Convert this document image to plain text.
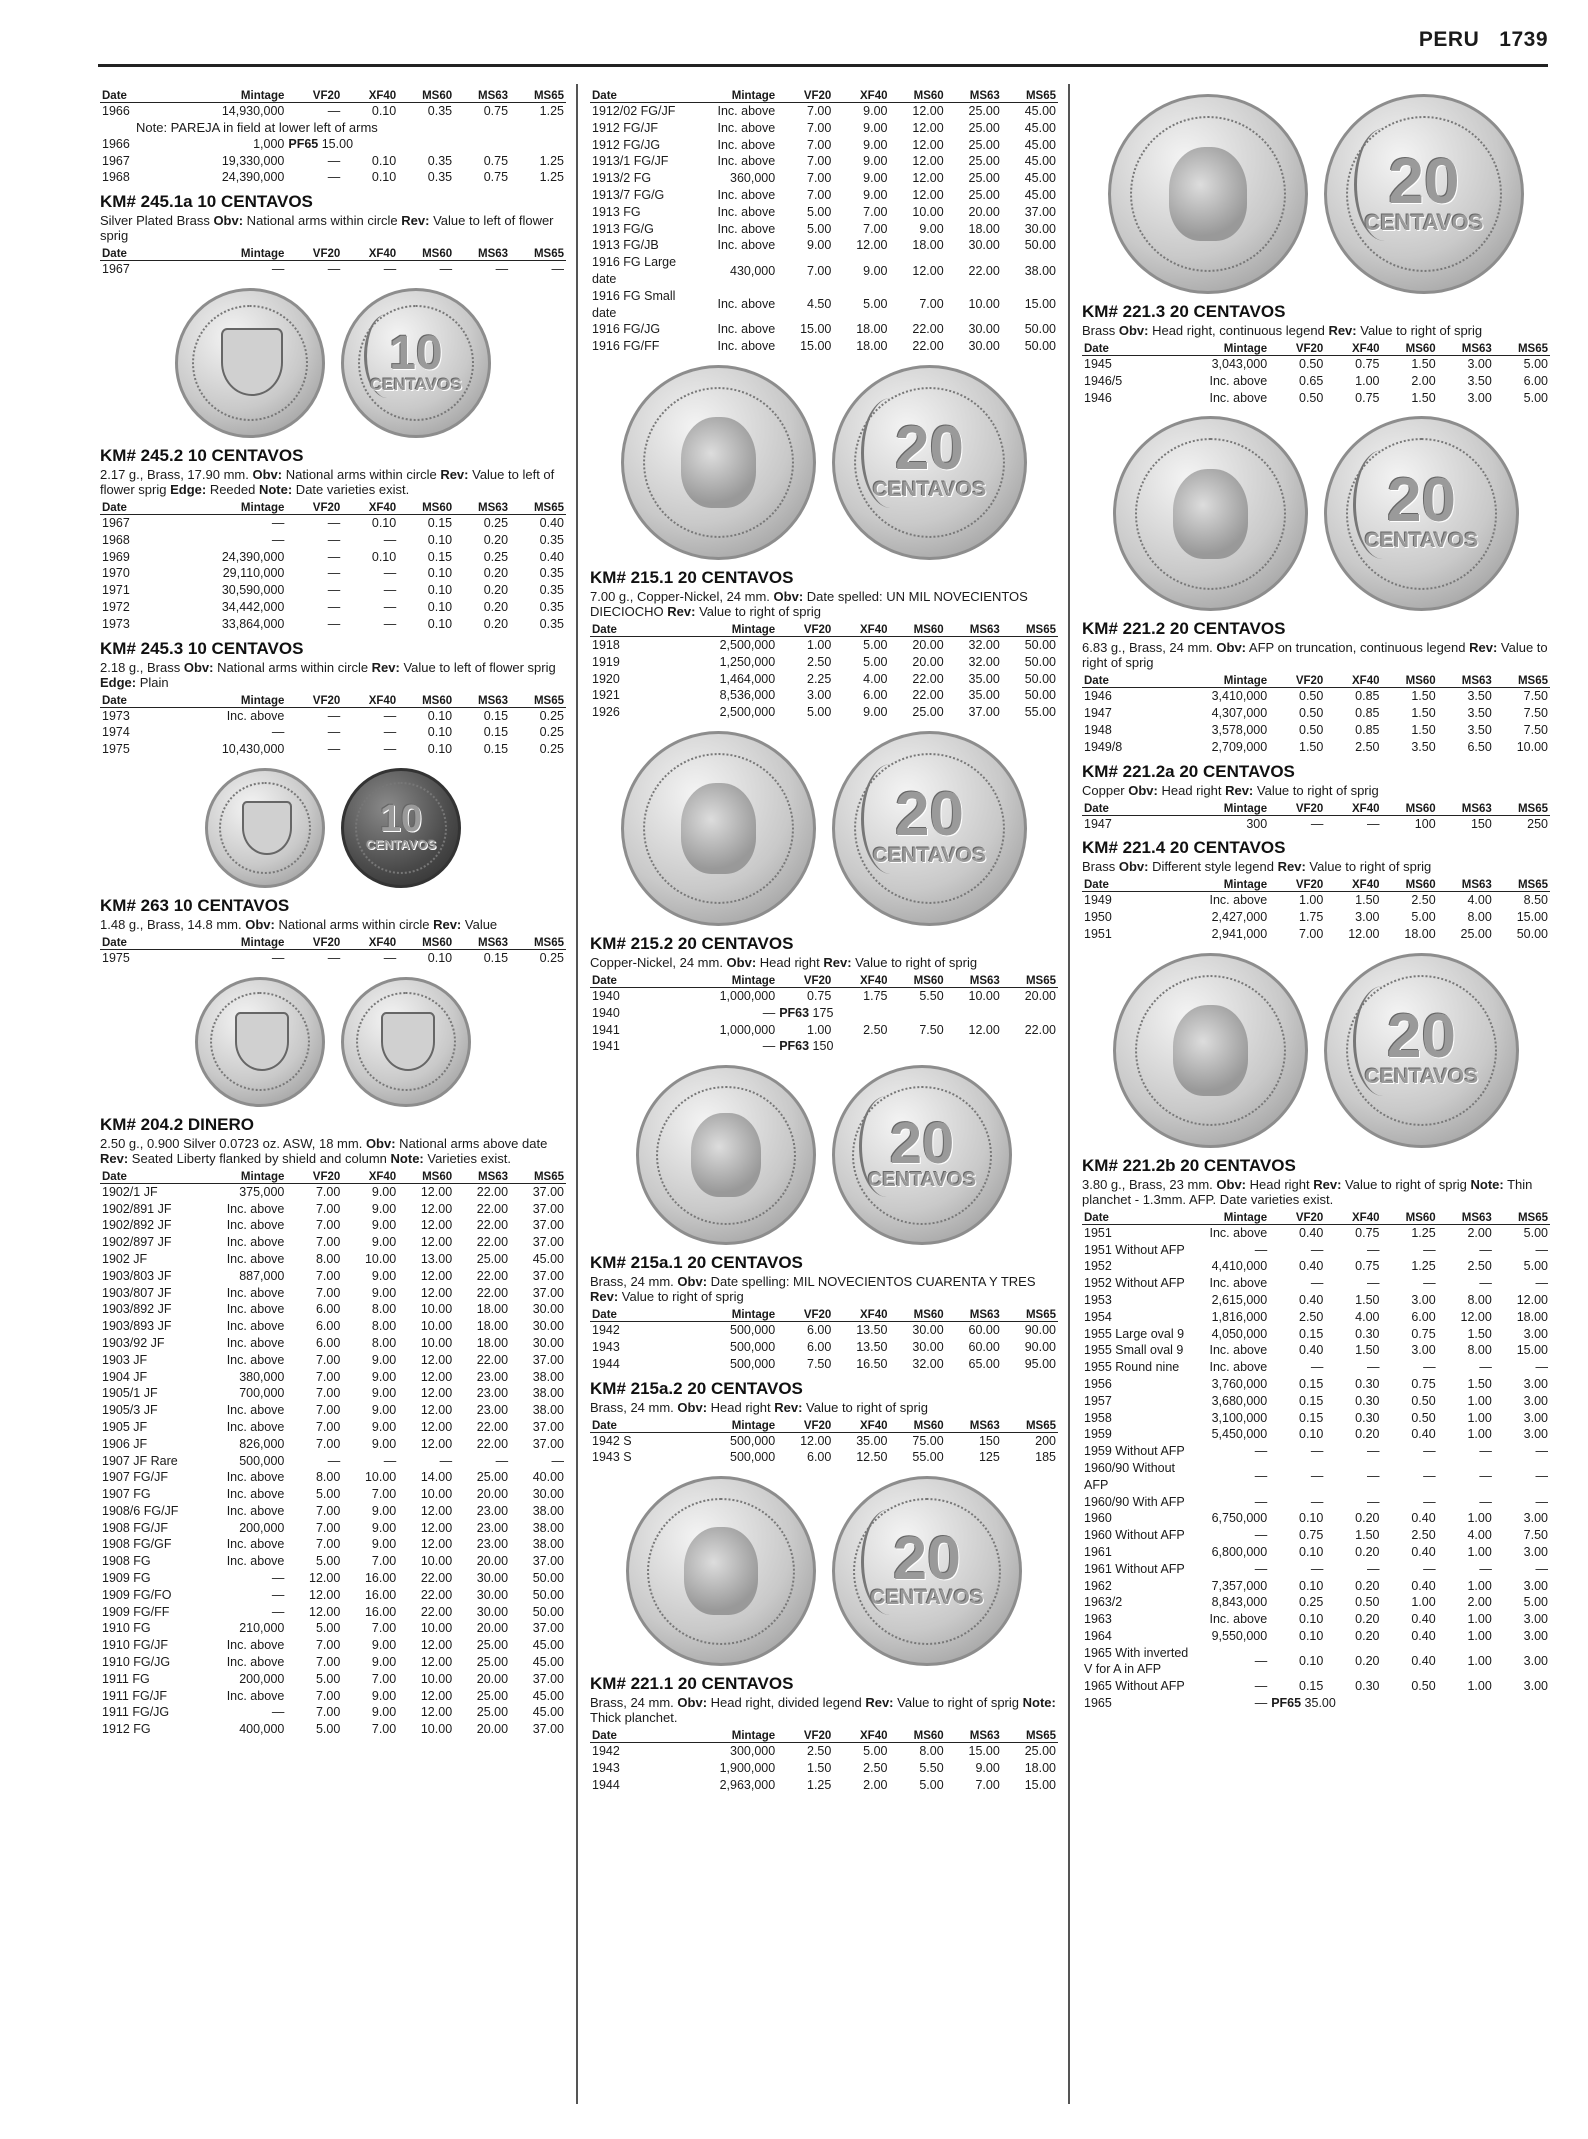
PERU 1739
Date	Mintage	VF20	XF40	MS60	MS63	MS65
1966	14,930,000	—	0.10	0.35	0.75	1.25
Note: PAREJA in field at lower left of arms						
1966	1,000	PF65 15.00				
1967	19,330,000	—	0.10	0.35	0.75	1.25
1968	24,390,000	—	0.10	0.35	0.75	1.25
KM# 245.1a 10 CENTAVOS
Silver Plated Brass Obv: National arms within circle Rev: Value to left of flower sprig
Date	Mintage	VF20	XF40	MS60	MS63	MS65
1967	—	—	—	—	—	—
10
CENTAVOS
KM# 245.2 10 CENTAVOS
2.17 g., Brass, 17.90 mm. Obv: National arms within circle Rev: Value to left of flower sprig Edge: Reeded Note: Date varieties exist.
Date	Mintage	VF20	XF40	MS60	MS63	MS65
1967	—	—	0.10	0.15	0.25	0.40
1968	—	—	—	0.10	0.20	0.35
1969	24,390,000	—	0.10	0.15	0.25	0.40
1970	29,110,000	—	—	0.10	0.20	0.35
1971	30,590,000	—	—	0.10	0.20	0.35
1972	34,442,000	—	—	0.10	0.20	0.35
1973	33,864,000	—	—	0.10	0.20	0.35
KM# 245.3 10 CENTAVOS
2.18 g., Brass Obv: National arms within circle Rev: Value to left of flower sprig Edge: Plain
Date	Mintage	VF20	XF40	MS60	MS63	MS65
1973	Inc. above	—	—	0.10	0.15	0.25
1974	—	—	—	0.10	0.15	0.25
1975	10,430,000	—	—	0.10	0.15	0.25
10
CENTAVOS
KM# 263 10 CENTAVOS
1.48 g., Brass, 14.8 mm. Obv: National arms within circle Rev: Value
Date	Mintage	VF20	XF40	MS60	MS63	MS65
1975	—	—	—	0.10	0.15	0.25
KM# 204.2 DINERO
2.50 g., 0.900 Silver 0.0723 oz. ASW, 18 mm. Obv: National arms above date Rev: Seated Liberty flanked by shield and column Note: Varieties exist.
Date	Mintage	VF20	XF40	MS60	MS63	MS65
1902/1 JF	375,000	7.00	9.00	12.00	22.00	37.00
1902/891 JF	Inc. above	7.00	9.00	12.00	22.00	37.00
1902/892 JF	Inc. above	7.00	9.00	12.00	22.00	37.00
1902/897 JF	Inc. above	7.00	9.00	12.00	22.00	37.00
1902 JF	Inc. above	8.00	10.00	13.00	25.00	45.00
1903/803 JF	887,000	7.00	9.00	12.00	22.00	37.00
1903/807 JF	Inc. above	7.00	9.00	12.00	22.00	37.00
1903/892 JF	Inc. above	6.00	8.00	10.00	18.00	30.00
1903/893 JF	Inc. above	6.00	8.00	10.00	18.00	30.00
1903/92 JF	Inc. above	6.00	8.00	10.00	18.00	30.00
1903 JF	Inc. above	7.00	9.00	12.00	22.00	37.00
1904 JF	380,000	7.00	9.00	12.00	23.00	38.00
1905/1 JF	700,000	7.00	9.00	12.00	23.00	38.00
1905/3 JF	Inc. above	7.00	9.00	12.00	23.00	38.00
1905 JF	Inc. above	7.00	9.00	12.00	22.00	37.00
1906 JF	826,000	7.00	9.00	12.00	22.00	37.00
1907 JF Rare	500,000	—	—	—	—	—
1907 FG/JF	Inc. above	8.00	10.00	14.00	25.00	40.00
1907 FG	Inc. above	5.00	7.00	10.00	20.00	30.00
1908/6 FG/JF	Inc. above	7.00	9.00	12.00	23.00	38.00
1908 FG/JF	200,000	7.00	9.00	12.00	23.00	38.00
1908 FG/GF	Inc. above	7.00	9.00	12.00	23.00	38.00
1908 FG	Inc. above	5.00	7.00	10.00	20.00	37.00
1909 FG	—	12.00	16.00	22.00	30.00	50.00
1909 FG/FO	—	12.00	16.00	22.00	30.00	50.00
1909 FG/FF	—	12.00	16.00	22.00	30.00	50.00
1910 FG	210,000	5.00	7.00	10.00	20.00	37.00
1910 FG/JF	Inc. above	7.00	9.00	12.00	25.00	45.00
1910 FG/JG	Inc. above	7.00	9.00	12.00	25.00	45.00
1911 FG	200,000	5.00	7.00	10.00	20.00	37.00
1911 FG/JF	Inc. above	7.00	9.00	12.00	25.00	45.00
1911 FG/JG	—	7.00	9.00	12.00	25.00	45.00
1912 FG	400,000	5.00	7.00	10.00	20.00	37.00
Date	Mintage	VF20	XF40	MS60	MS63	MS65
1912/02 FG/JF	Inc. above	7.00	9.00	12.00	25.00	45.00
1912 FG/JF	Inc. above	7.00	9.00	12.00	25.00	45.00
1912 FG/JG	Inc. above	7.00	9.00	12.00	25.00	45.00
1913/1 FG/JF	Inc. above	7.00	9.00	12.00	25.00	45.00
1913/2 FG	360,000	7.00	9.00	12.00	25.00	45.00
1913/7 FG/G	Inc. above	7.00	9.00	12.00	25.00	45.00
1913 FG	Inc. above	5.00	7.00	10.00	20.00	37.00
1913 FG/G	Inc. above	5.00	7.00	9.00	18.00	30.00
1913 FG/JB	Inc. above	9.00	12.00	18.00	30.00	50.00
1916 FG Large date	430,000	7.00	9.00	12.00	22.00	38.00
1916 FG Small date	Inc. above	4.50	5.00	7.00	10.00	15.00
1916 FG/JG	Inc. above	15.00	18.00	22.00	30.00	50.00
1916 FG/FF	Inc. above	15.00	18.00	22.00	30.00	50.00
20
CENTAVOS
KM# 215.1 20 CENTAVOS
7.00 g., Copper-Nickel, 24 mm. Obv: Date spelled: UN MIL NOVECIENTOS DIECIOCHO Rev: Value to right of sprig
Date	Mintage	VF20	XF40	MS60	MS63	MS65
1918	2,500,000	1.00	5.00	20.00	32.00	50.00
1919	1,250,000	2.50	5.00	20.00	32.00	50.00
1920	1,464,000	2.25	4.00	22.00	35.00	50.00
1921	8,536,000	3.00	6.00	22.00	35.00	50.00
1926	2,500,000	5.00	9.00	25.00	37.00	55.00
20
CENTAVOS
KM# 215.2 20 CENTAVOS
Copper-Nickel, 24 mm. Obv: Head right Rev: Value to right of sprig
Date	Mintage	VF20	XF40	MS60	MS63	MS65
1940	1,000,000	0.75	1.75	5.50	10.00	20.00
1940	—	PF63 175				
1941	1,000,000	1.00	2.50	7.50	12.00	22.00
1941	—	PF63 150				
20
CENTAVOS
KM# 215a.1 20 CENTAVOS
Brass, 24 mm. Obv: Date spelling: MIL NOVECIENTOS CUARENTA Y TRES Rev: Value to right of sprig
Date	Mintage	VF20	XF40	MS60	MS63	MS65
1942	500,000	6.00	13.50	30.00	60.00	90.00
1943	500,000	6.00	13.50	30.00	60.00	90.00
1944	500,000	7.50	16.50	32.00	65.00	95.00
KM# 215a.2 20 CENTAVOS
Brass, 24 mm. Obv: Head right Rev: Value to right of sprig
Date	Mintage	VF20	XF40	MS60	MS63	MS65
1942 S	500,000	12.00	35.00	75.00	150	200
1943 S	500,000	6.00	12.50	55.00	125	185
20
CENTAVOS
KM# 221.1 20 CENTAVOS
Brass, 24 mm. Obv: Head right, divided legend Rev: Value to right of sprig Note: Thick planchet.
Date	Mintage	VF20	XF40	MS60	MS63	MS65
1942	300,000	2.50	5.00	8.00	15.00	25.00
1943	1,900,000	1.50	2.50	5.50	9.00	18.00
1944	2,963,000	1.25	2.00	5.00	7.00	15.00
20
CENTAVOS
KM# 221.3 20 CENTAVOS
Brass Obv: Head right, continuous legend Rev: Value to right of sprig
Date	Mintage	VF20	XF40	MS60	MS63	MS65
1945	3,043,000	0.50	0.75	1.50	3.00	5.00
1946/5	Inc. above	0.65	1.00	2.00	3.50	6.00
1946	Inc. above	0.50	0.75	1.50	3.00	5.00
20
CENTAVOS
KM# 221.2 20 CENTAVOS
6.83 g., Brass, 24 mm. Obv: AFP on truncation, continuous legend Rev: Value to right of sprig
Date	Mintage	VF20	XF40	MS60	MS63	MS65
1946	3,410,000	0.50	0.85	1.50	3.50	7.50
1947	4,307,000	0.50	0.85	1.50	3.50	7.50
1948	3,578,000	0.50	0.85	1.50	3.50	7.50
1949/8	2,709,000	1.50	2.50	3.50	6.50	10.00
KM# 221.2a 20 CENTAVOS
Copper Obv: Head right Rev: Value to right of sprig
Date	Mintage	VF20	XF40	MS60	MS63	MS65
1947	300	—	—	100	150	250
KM# 221.4 20 CENTAVOS
Brass Obv: Different style legend Rev: Value to right of sprig
Date	Mintage	VF20	XF40	MS60	MS63	MS65
1949	Inc. above	1.00	1.50	2.50	4.00	8.50
1950	2,427,000	1.75	3.00	5.00	8.00	15.00
1951	2,941,000	7.00	12.00	18.00	25.00	50.00
20
CENTAVOS
KM# 221.2b 20 CENTAVOS
3.80 g., Brass, 23 mm. Obv: Head right Rev: Value to right of sprig Note: Thin planchet - 1.3mm. AFP. Date varieties exist.
Date	Mintage	VF20	XF40	MS60	MS63	MS65
1951	Inc. above	0.40	0.75	1.25	2.00	5.00
1951 Without AFP	—	—	—	—	—	—
1952	4,410,000	0.40	0.75	1.25	2.50	5.00
1952 Without AFP	Inc. above	—	—	—	—	—
1953	2,615,000	0.40	1.50	3.00	8.00	12.00
1954	1,816,000	2.50	4.00	6.00	12.00	18.00
1955 Large oval 9	4,050,000	0.15	0.30	0.75	1.50	3.00
1955 Small oval 9	Inc. above	0.40	1.50	3.00	8.00	15.00
1955 Round nine	Inc. above	—	—	—	—	—
1956	3,760,000	0.15	0.30	0.75	1.50	3.00
1957	3,680,000	0.15	0.30	0.50	1.00	3.00
1958	3,100,000	0.15	0.30	0.50	1.00	3.00
1959	5,450,000	0.10	0.20	0.40	1.00	3.00
1959 Without AFP	—	—	—	—	—	—
1960/90 Without AFP	—	—	—	—	—	—
1960/90 With AFP	—	—	—	—	—	—
1960	6,750,000	0.10	0.20	0.40	1.00	3.00
1960 Without AFP	—	0.75	1.50	2.50	4.00	7.50
1961	6,800,000	0.10	0.20	0.40	1.00	3.00
1961 Without AFP	—	—	—	—	—	—
1962	7,357,000	0.10	0.20	0.40	1.00	3.00
1963/2	8,843,000	0.25	0.50	1.00	2.00	5.00
1963	Inc. above	0.10	0.20	0.40	1.00	3.00
1964	9,550,000	0.10	0.20	0.40	1.00	3.00
1965 With inverted V for A in AFP	—	0.10	0.20	0.40	1.00	3.00
1965 Without AFP	—	0.15	0.30	0.50	1.00	3.00
1965	—	PF65 35.00				
